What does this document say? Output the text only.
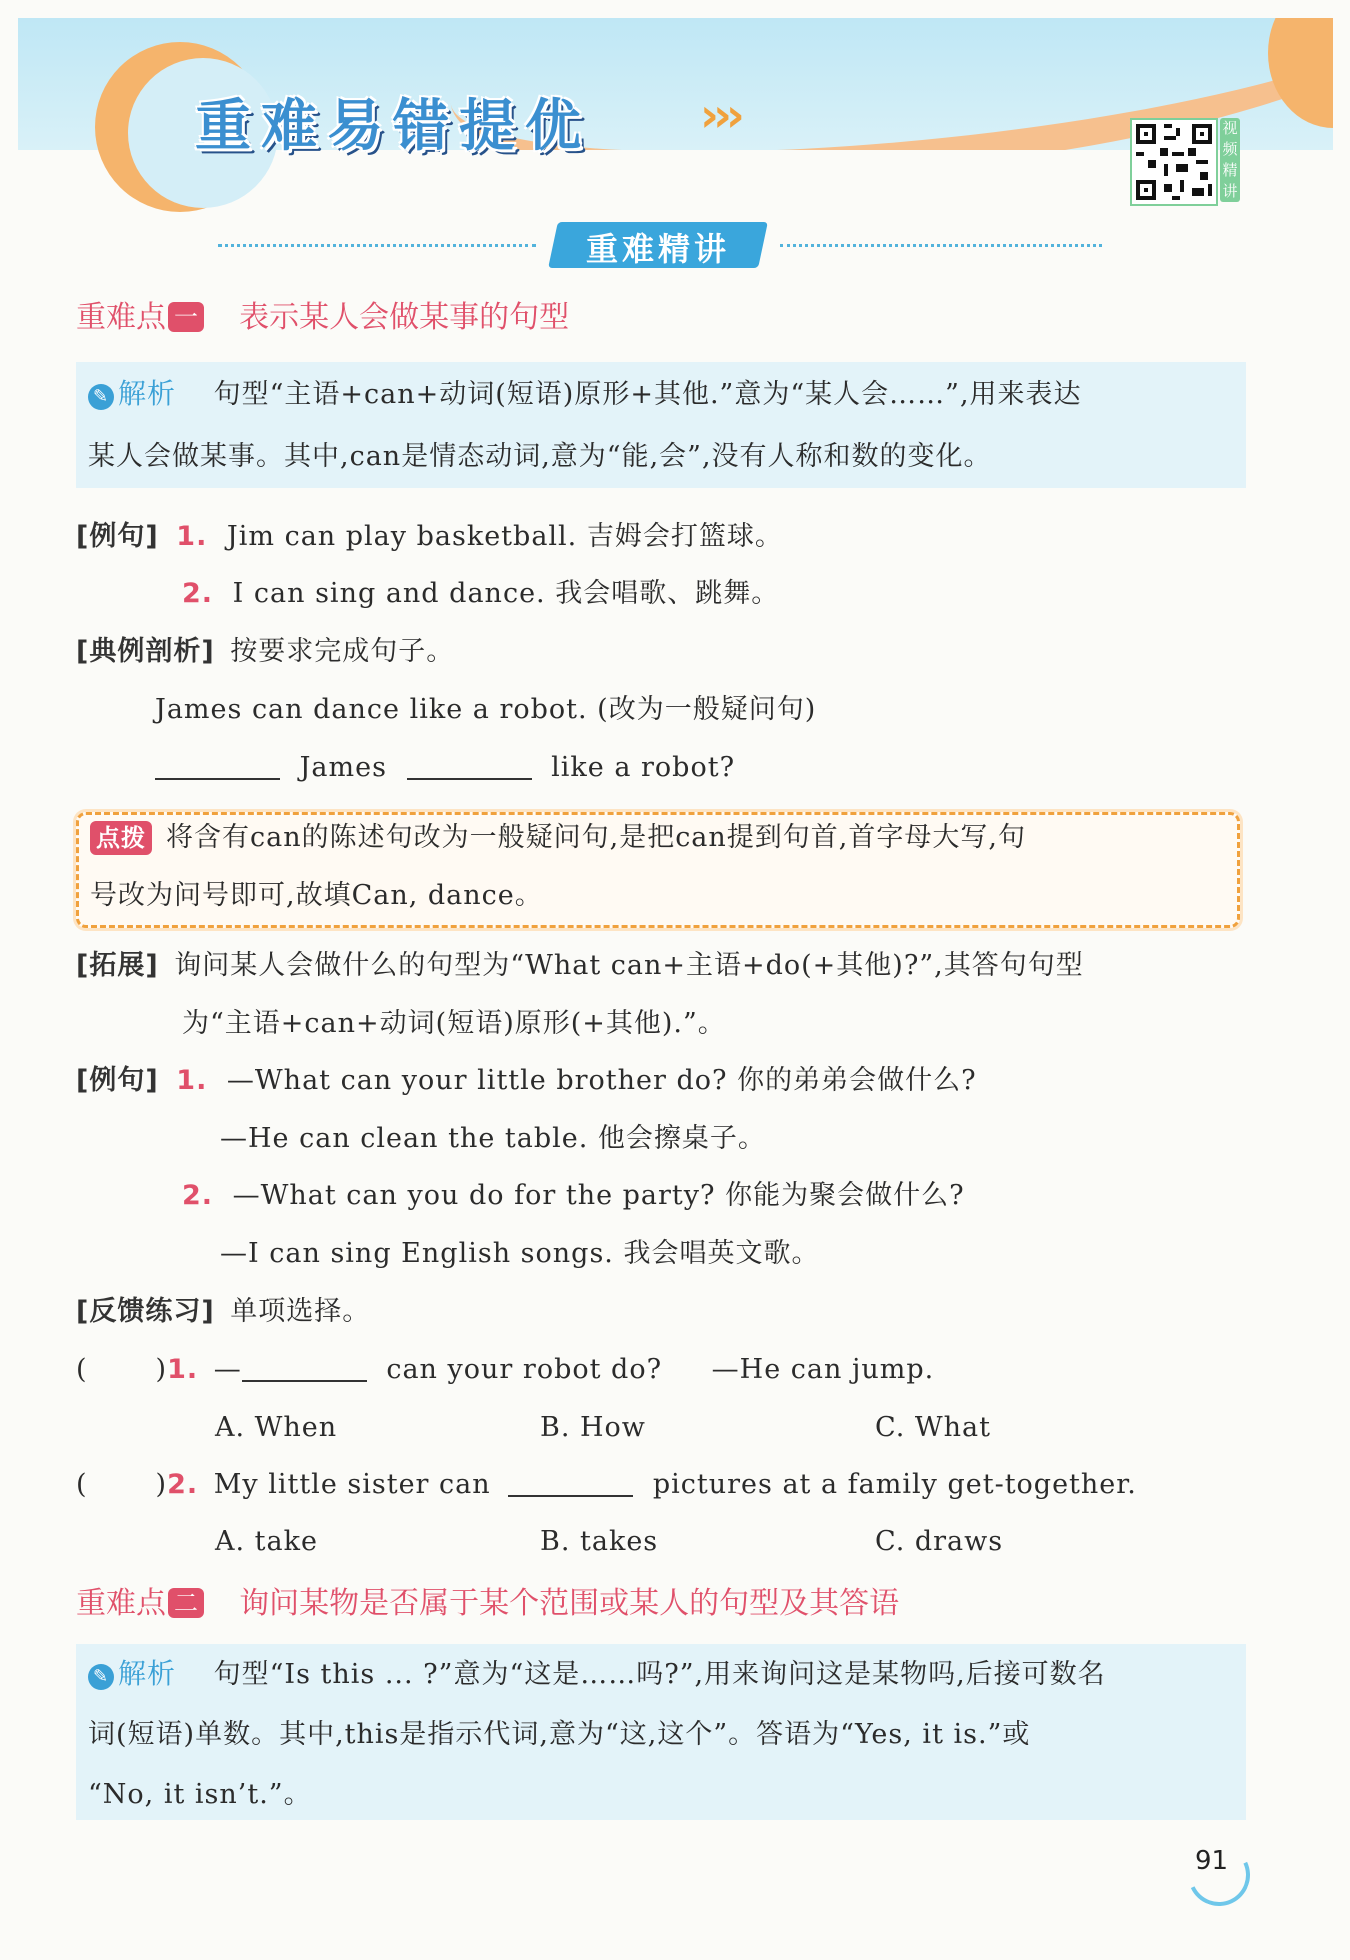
重难易错提优 ›››	视频精讲
重难精讲
重难点 一 表示某人会做某事的句型
✎ 解析 句型“主语+can+动词(短语)原形+其他.”意为“某人会……”,用来表达
某人会做某事。其中,can是情态动词,意为“能,会”,没有人称和数的变化。
[例句] 1. Jim can play basketball. 吉姆会打篮球。
2. I can sing and dance. 我会唱歌、跳舞。
[典例剖析] 按要求完成句子。
James can dance like a robot. (改为一般疑问句)
James	like a robot?
点拨 将含有can的陈述句改为一般疑问句,是把can提到句首,首字母大写,句
号改为问号即可,故填Can, dance。
[拓展] 询问某人会做什么的句型为“What can+主语+do(+其他)?”,其答句句型
为“主语+can+动词(短语)原形(+其他).”。
[例句] 1. —What can your little brother do? 你的弟弟会做什么?
—He can clean the table. 他会擦桌子。
2. —What can you do for the party? 你能为聚会做什么?
—I can sing English songs. 我会唱英文歌。
[反馈练习] 单项选择。
(	)1. —	can your robot do? —He can jump.
A. When	B. How	C. What
(	)2. My little sister can	pictures at a family get-together.
A. take	B. takes	C. draws
重难点 二 询问某物是否属于某个范围或某人的句型及其答语
✎ 解析 句型“Is this ... ?”意为“这是……吗?”,用来询问这是某物吗,后接可数名
词(短语)单数。其中,this是指示代词,意为“这,这个”。答语为“Yes, it is.”或
“No, it isn’t.”。
91
